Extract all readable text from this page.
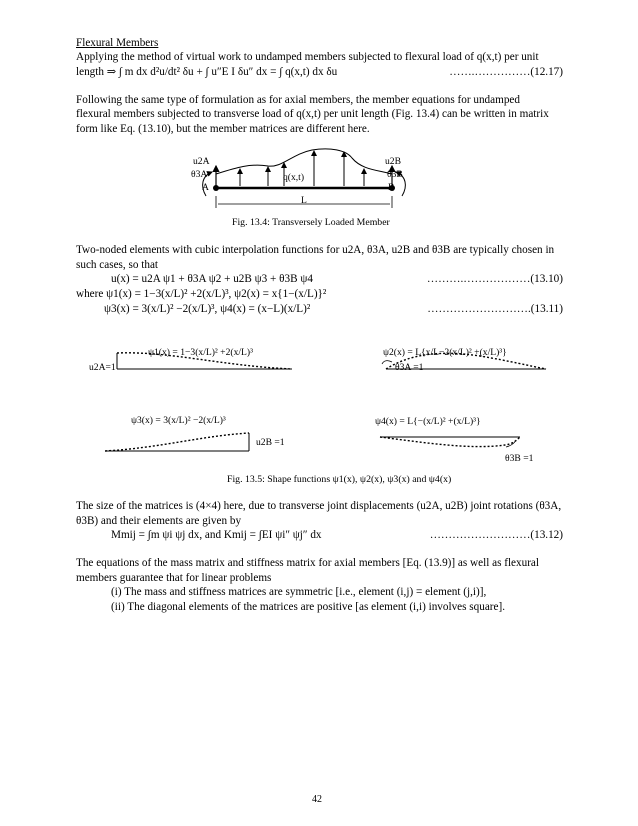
Flexural Members
Applying the method of virtual work to undamped members subjected to flexural load of q(x,t) per unit
length ⇒ ∫ m dx d²u/dt² δu + ∫ u″E I δu″ dx = ∫ q(x,t) dx δu	…….……………(12.17)
Following the same type of formulation as for axial members, the member equations for undamped
flexural members subjected to transverse load of q(x,t) per unit length (Fig. 13.4) can be written in matrix
form like Eq. (13.10), but the member matrices are different here.
u2A
θ3A
A
q(x,t)
u2B
θ3B
B
L
Fig. 13.4: Transversely Loaded Member
Two-noded elements with cubic interpolation functions for u2A, θ3A, u2B and θ3B are typically chosen in
such cases, so that
u(x) = u2A ψ1 + θ3A ψ2 + u2B ψ3 + θ3B ψ4	……….………………(13.10)
where ψ1(x) = 1−3(x/L)² +2(x/L)³, ψ2(x) = x{1−(x/L)}²
ψ3(x) = 3(x/L)² −2(x/L)³, ψ4(x) = (x−L)(x/L)²	……………………….(13.11)
ψ1(x) = 1−3(x/L)² +2(x/L)³
u2A=1
ψ2(x) = L{x/L−2(x/L)² +(x/L)³}
θ3A =1
ψ3(x) = 3(x/L)² −2(x/L)³
u2B =1
ψ4(x) = L{−(x/L)² +(x/L)³}
θ3B =1
Fig. 13.5: Shape functions ψ1(x), ψ2(x), ψ3(x) and ψ4(x)
The size of the matrices is (4×4) here, due to transverse joint displacements (u2A, u2B) joint rotations (θ3A,
θ3B) and their elements are given by
Mmij = ∫m ψi ψj dx, and Kmij = ∫EI ψi″ ψj″ dx	………………………(13.12)
The equations of the mass matrix and stiffness matrix for axial members [Eq. (13.9)] as well as flexural
members guarantee that for linear problems
(i) The mass and stiffness matrices are symmetric [i.e., element (i,j) = element (j,i)],
(ii) The diagonal elements of the matrices are positive [as element (i,i) involves square].
42
